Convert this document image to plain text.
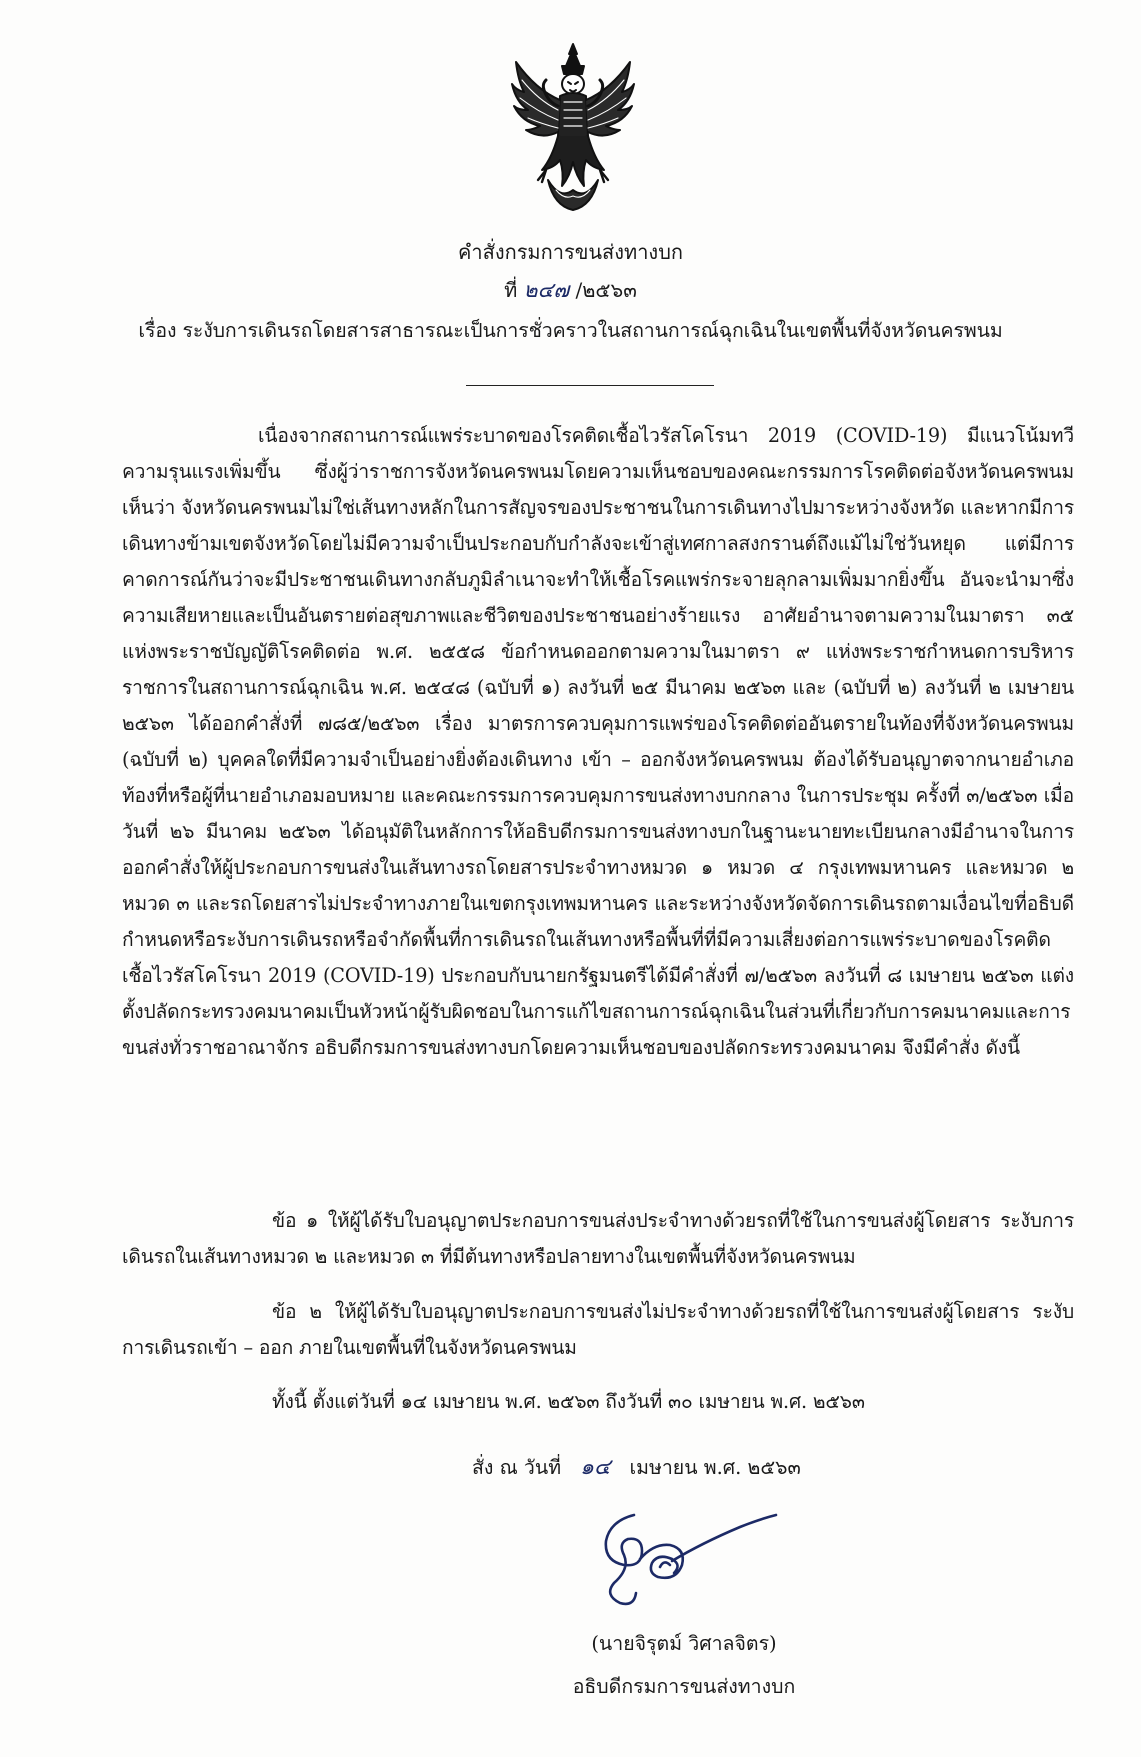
คำสั่งกรมการขนส่งทางบก
ที่ ๒๔๗ /๒๕๖๓
เรื่อง ระงับการเดินรถโดยสารสาธารณะเป็นการชั่วคราวในสถานการณ์ฉุกเฉินในเขตพื้นที่จังหวัดนครพนม
เนื่องจากสถานการณ์แพร่ระบาดของโรคติดเชื้อไวรัสโคโรนา 2019 (COVID-19) มีแนวโน้มทวีความรุนแรงเพิ่มขึ้น ซึ่งผู้ว่าราชการจังหวัดนครพนมโดยความเห็นชอบของคณะกรรมการโรคติดต่อจังหวัดนครพนม เห็นว่า จังหวัดนครพนมไม่ใช่เส้นทางหลักในการสัญจรของประชาชนในการเดินทางไปมาระหว่างจังหวัด และหากมีการเดินทางข้ามเขตจังหวัดโดยไม่มีความจำเป็นประกอบกับกำลังจะเข้าสู่เทศกาลสงกรานต์ถึงแม้ไม่ใช่วันหยุด แต่มีการคาดการณ์กันว่าจะมีประชาชนเดินทางกลับภูมิลำเนาจะทำให้เชื้อโรคแพร่กระจายลุกลามเพิ่มมากยิ่งขึ้น อันจะนำมาซึ่งความเสียหายและเป็นอันตรายต่อสุขภาพและชีวิตของประชาชนอย่างร้ายแรง อาศัยอำนาจตามความในมาตรา ๓๕ แห่งพระราชบัญญัติโรคติดต่อ พ.ศ. ๒๕๕๘ ข้อกำหนดออกตามความในมาตรา ๙ แห่งพระราชกำหนดการบริหารราชการในสถานการณ์ฉุกเฉิน พ.ศ. ๒๕๔๘ (ฉบับที่ ๑) ลงวันที่ ๒๕ มีนาคม ๒๕๖๓ และ (ฉบับที่ ๒) ลงวันที่ ๒ เมษายน ๒๕๖๓ ได้ออกคำสั่งที่ ๗๘๕/๒๕๖๓ เรื่อง มาตรการควบคุมการแพร่ของโรคติดต่ออันตรายในท้องที่จังหวัดนครพนม (ฉบับที่ ๒) บุคคลใดที่มีความจำเป็นอย่างยิ่งต้องเดินทาง เข้า – ออกจังหวัดนครพนม ต้องได้รับอนุญาตจากนายอำเภอท้องที่หรือผู้ที่นายอำเภอมอบหมาย และคณะกรรมการควบคุมการขนส่งทางบกกลาง ในการประชุม ครั้งที่ ๓/๒๕๖๓ เมื่อวันที่ ๒๖ มีนาคม ๒๕๖๓ ได้อนุมัติในหลักการให้อธิบดีกรมการขนส่งทางบกในฐานะนายทะเบียนกลางมีอำนาจในการออกคำสั่งให้ผู้ประกอบการขนส่งในเส้นทางรถโดยสารประจำทางหมวด ๑ หมวด ๔ กรุงเทพมหานคร และหมวด ๒ หมวด ๓ และรถโดยสารไม่ประจำทางภายในเขตกรุงเทพมหานคร และระหว่างจังหวัดจัดการเดินรถตามเงื่อนไขที่อธิบดีกำหนดหรือระงับการเดินรถหรือจำกัดพื้นที่การเดินรถในเส้นทางหรือพื้นที่ที่มีความเสี่ยงต่อการแพร่ระบาดของโรคติดเชื้อไวรัสโคโรนา 2019 (COVID-19) ประกอบกับนายกรัฐมนตรีได้มีคำสั่งที่ ๗/๒๕๖๓ ลงวันที่ ๘ เมษายน ๒๕๖๓ แต่งตั้งปลัดกระทรวงคมนาคมเป็นหัวหน้าผู้รับผิดชอบในการแก้ไขสถานการณ์ฉุกเฉินในส่วนที่เกี่ยวกับการคมนาคมและการขนส่งทั่วราชอาณาจักร อธิบดีกรมการขนส่งทางบกโดยความเห็นชอบของปลัดกระทรวงคมนาคม จึงมีคำสั่ง ดังนี้
ข้อ ๑ ให้ผู้ได้รับใบอนุญาตประกอบการขนส่งประจำทางด้วยรถที่ใช้ในการขนส่งผู้โดยสาร ระงับการเดินรถในเส้นทางหมวด ๒ และหมวด ๓ ที่มีต้นทางหรือปลายทางในเขตพื้นที่จังหวัดนครพนม
ข้อ ๒ ให้ผู้ได้รับใบอนุญาตประกอบการขนส่งไม่ประจำทางด้วยรถที่ใช้ในการขนส่งผู้โดยสาร ระงับการเดินรถเข้า – ออก ภายในเขตพื้นที่ในจังหวัดนครพนม
ทั้งนี้ ตั้งแต่วันที่ ๑๔ เมษายน พ.ศ. ๒๕๖๓ ถึงวันที่ ๓๐ เมษายน พ.ศ. ๒๕๖๓
สั่ง ณ วันที่ ๑๔ เมษายน พ.ศ. ๒๕๖๓
(นายจิรุตม์ วิศาลจิตร)
อธิบดีกรมการขนส่งทางบก
